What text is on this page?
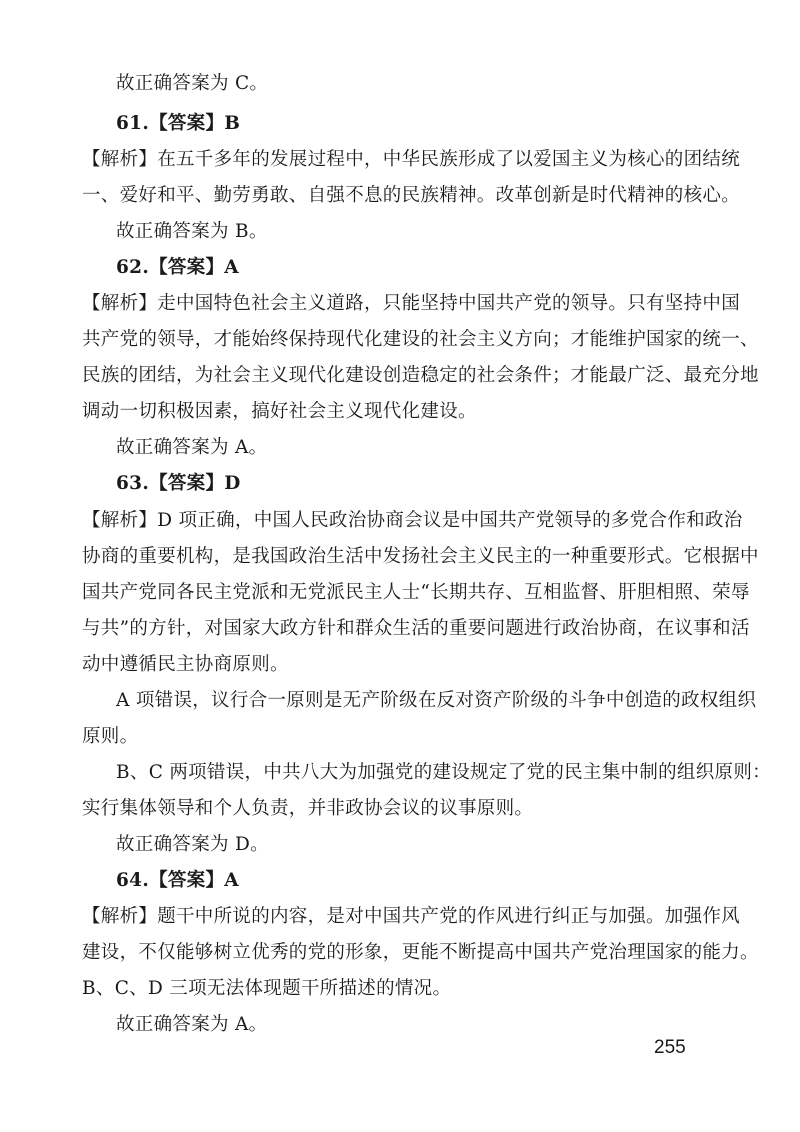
故正确答案为 C。
61.【答案】B
【解析】在五千多年的发展过程中，中华民族形成了以爱国主义为核心的团结统
一、爱好和平、勤劳勇敢、自强不息的民族精神。改革创新是时代精神的核心。
故正确答案为 B。
62.【答案】A
【解析】走中国特色社会主义道路，只能坚持中国共产党的领导。只有坚持中国
共产党的领导，才能始终保持现代化建设的社会主义方向；才能维护国家的统一、
民族的团结，为社会主义现代化建设创造稳定的社会条件；才能最广泛、最充分地
调动一切积极因素，搞好社会主义现代化建设。
故正确答案为 A。
63.【答案】D
【解析】D 项正确，中国人民政治协商会议是中国共产党领导的多党合作和政治
协商的重要机构，是我国政治生活中发扬社会主义民主的一种重要形式。它根据中
国共产党同各民主党派和无党派民主人士“长期共存、互相监督、肝胆相照、荣辱
与共”的方针，对国家大政方针和群众生活的重要问题进行政治协商，在议事和活
动中遵循民主协商原则。
A 项错误，议行合一原则是无产阶级在反对资产阶级的斗争中创造的政权组织
原则。
B、C 两项错误，中共八大为加强党的建设规定了党的民主集中制的组织原则：
实行集体领导和个人负责，并非政协会议的议事原则。
故正确答案为 D。
64.【答案】A
【解析】题干中所说的内容，是对中国共产党的作风进行纠正与加强。加强作风
建设，不仅能够树立优秀的党的形象，更能不断提高中国共产党治理国家的能力。
B、C、D 三项无法体现题干所描述的情况。
故正确答案为 A。
255
